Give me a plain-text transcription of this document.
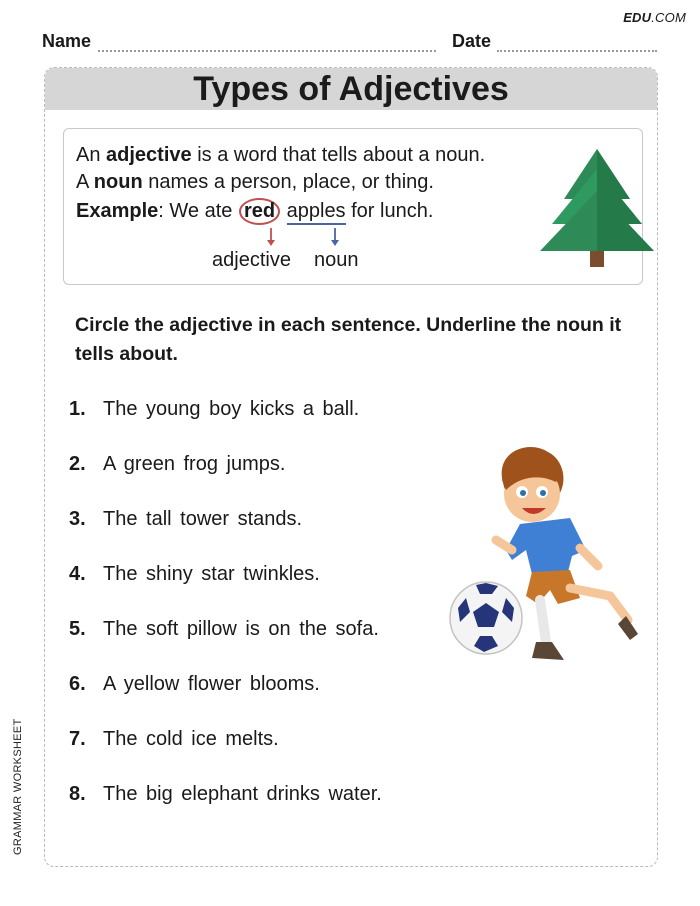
EDU.COM
Name	Date
Types of Adjectives
An adjective is a word that tells about a noun.
A noun names a person, place, or thing.
Example: We ate red apples for lunch.
adjective noun
Circle the adjective in each sentence. Underline the noun it tells about.
1. The young boy kicks a ball.
2. A green frog jumps.
3. The tall tower stands.
4. The shiny star twinkles.
5. The soft pillow is on the sofa.
6. A yellow flower blooms.
7. The cold ice melts.
8. The big elephant drinks water.
GRAMMAR WORKSHEET
